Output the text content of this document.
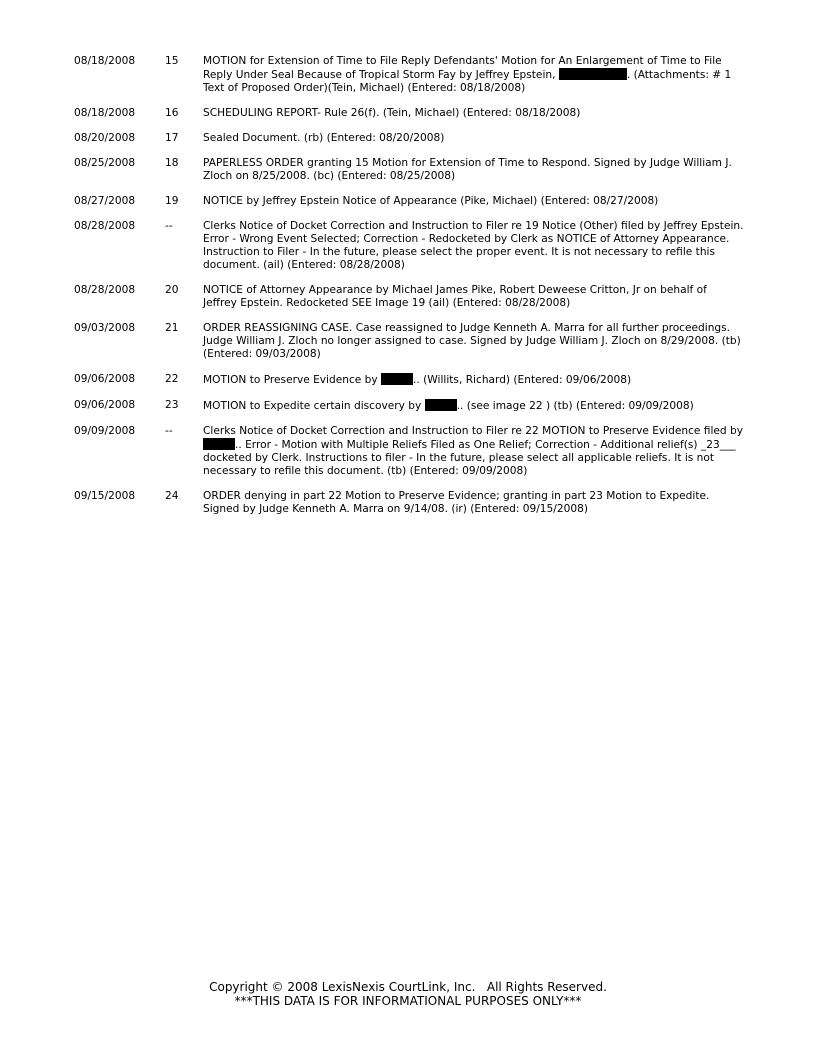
08/18/2008	15	MOTION for Extension of Time to File Reply Defendants' Motion for An Enlargement of Time to File Reply Under Seal Because of Tropical Storm Fay by Jeffrey Epstein,	. (Attachments: # 1 Text of Proposed Order)(Tein, Michael) (Entered: 08/18/2008)
08/18/2008	16	SCHEDULING REPORT- Rule 26(f). (Tein, Michael) (Entered: 08/18/2008)
08/20/2008	17	Sealed Document. (rb) (Entered: 08/20/2008)
08/25/2008	18	PAPERLESS ORDER granting 15 Motion for Extension of Time to Respond. Signed by Judge William J. Zloch on 8/25/2008. (bc) (Entered: 08/25/2008)
08/27/2008	19	NOTICE by Jeffrey Epstein Notice of Appearance (Pike, Michael) (Entered: 08/27/2008)
08/28/2008	--	Clerks Notice of Docket Correction and Instruction to Filer re 19 Notice (Other) filed by Jeffrey Epstein. Error - Wrong Event Selected; Correction - Redocketed by Clerk as NOTICE of Attorney Appearance. Instruction to Filer - In the future, please select the proper event. It is not necessary to refile this document. (ail) (Entered: 08/28/2008)
08/28/2008	20	NOTICE of Attorney Appearance by Michael James Pike, Robert Deweese Critton, Jr on behalf of Jeffrey Epstein. Redocketed SEE Image 19 (ail) (Entered: 08/28/2008)
09/03/2008	21	ORDER REASSIGNING CASE. Case reassigned to Judge Kenneth A. Marra for all further proceedings. Judge William J. Zloch no longer assigned to case. Signed by Judge William J. Zloch on 8/29/2008. (tb) (Entered: 09/03/2008)
09/06/2008	22	MOTION to Preserve Evidence by	.. (Willits, Richard) (Entered: 09/06/2008)
09/06/2008	23	MOTION to Expedite certain discovery by	.. (see image 22 ) (tb) (Entered: 09/09/2008)
09/09/2008	--	Clerks Notice of Docket Correction and Instruction to Filer re 22 MOTION to Preserve Evidence filed by .. Error - Motion with Multiple Reliefs Filed as One Relief; Correction - Additional relief(s) _23___ docketed by Clerk. Instructions to filer - In the future, please select all applicable reliefs. It is not necessary to refile this document. (tb) (Entered: 09/09/2008)
09/15/2008	24	ORDER denying in part 22 Motion to Preserve Evidence; granting in part 23 Motion to Expedite. Signed by Judge Kenneth A. Marra on 9/14/08. (ir) (Entered: 09/15/2008)
Copyright © 2008 LexisNexis CourtLink, Inc.   All Rights Reserved.
***THIS DATA IS FOR INFORMATIONAL PURPOSES ONLY***
